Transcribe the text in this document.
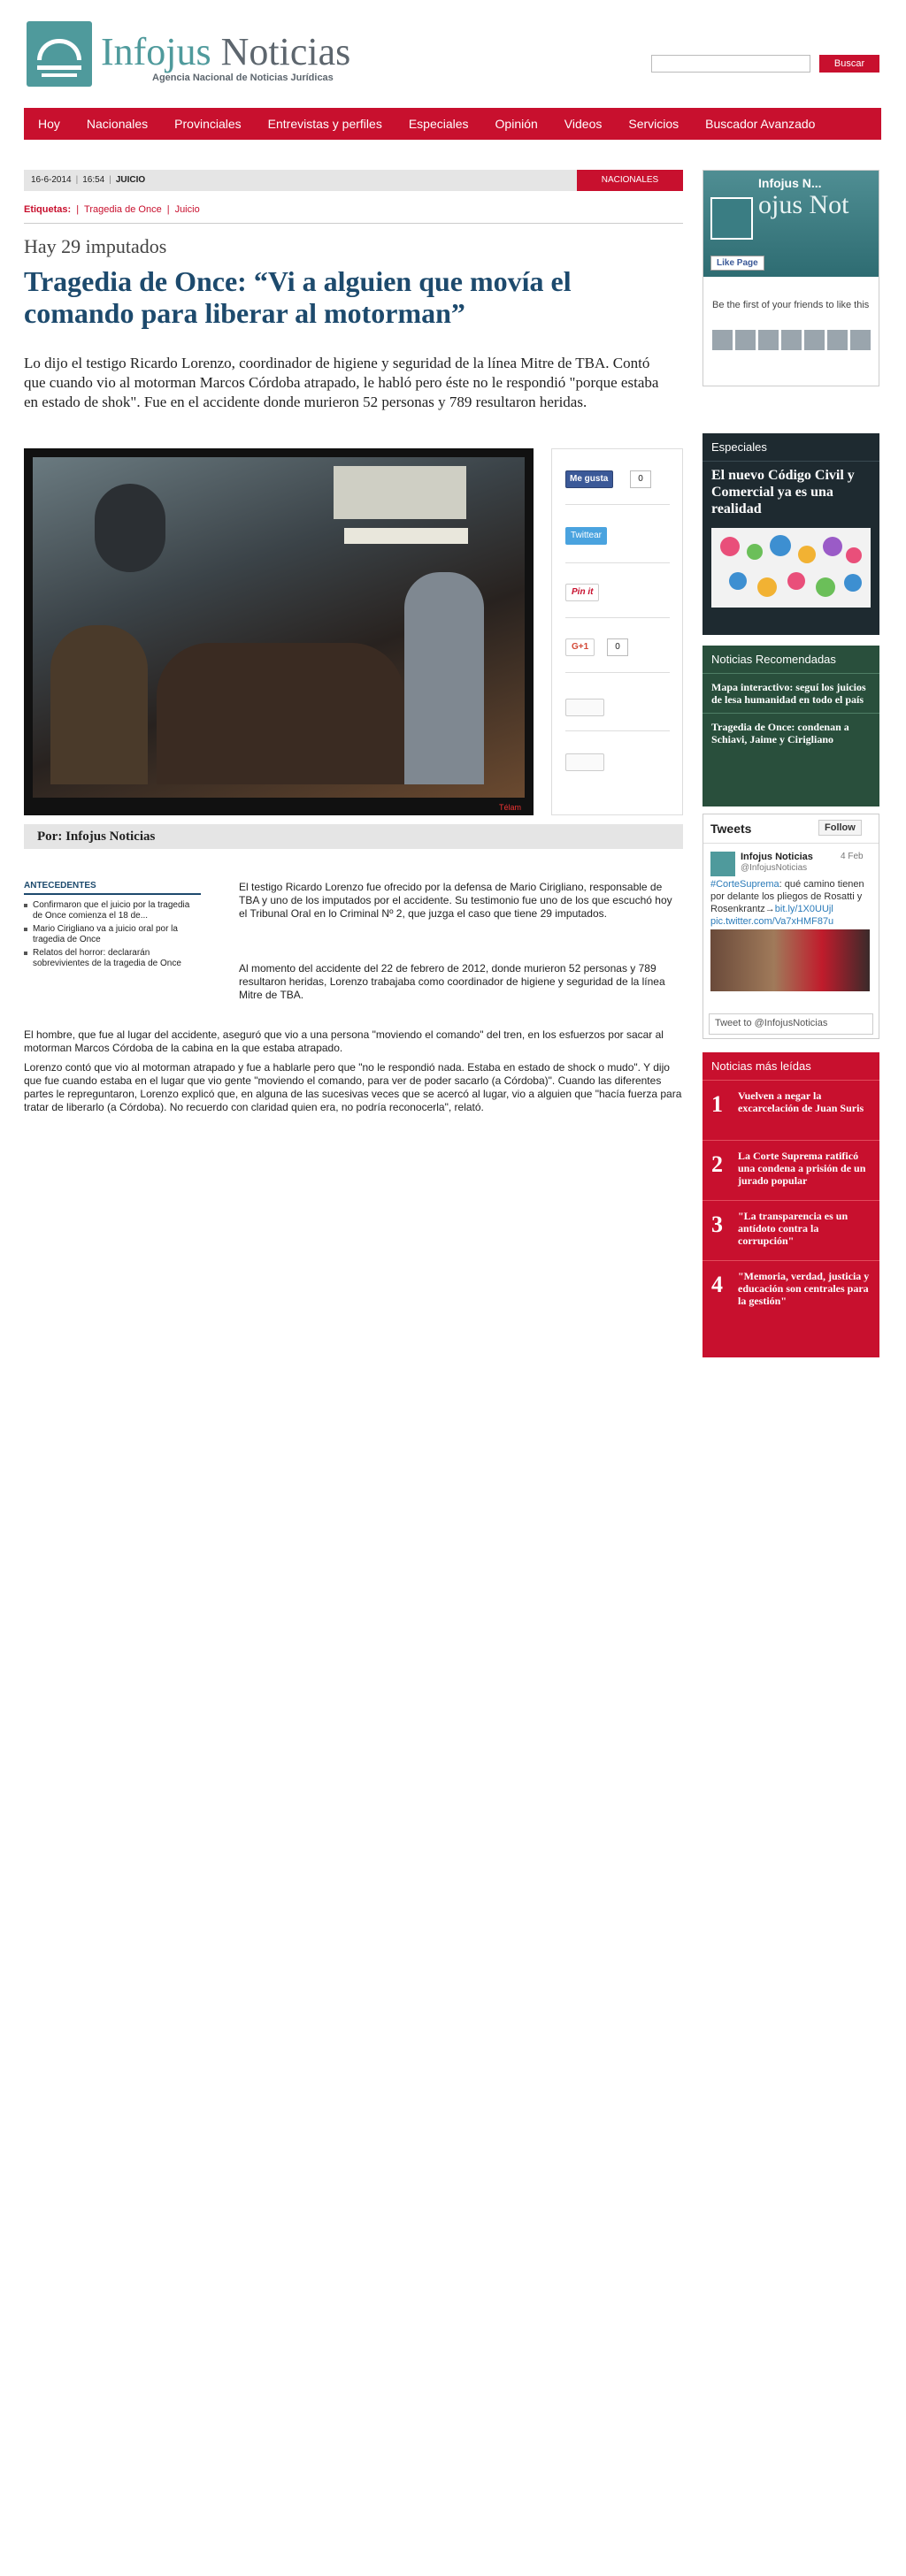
Infojus Noticias
Agencia Nacional de Noticias Jurídicas
Buscar
Hoy Nacionales Provinciales Entrevistas y perfiles Especiales Opinión Videos Servicios Buscador Avanzado
16-6-2014 | 16:54 | JUICIO	NACIONALES
Etiquetas: | Tragedia de Once | Juicio
Hay 29 imputados
Tragedia de Once: “Vi a alguien que movía el comando para liberar al motorman”

Lo dijo el testigo Ricardo Lorenzo, coordinador de higiene y seguridad de la línea Mitre de TBA. Contó que cuando vio al motorman Marcos Córdoba atrapado, le habló pero éste no le respondió "porque estaba en estado de shok". Fue en el accidente donde murieron 52 personas y 789 resultaron heridas.

Télam
Me gusta	0
Twittear
Pin it
G+1	0
Por: Infojus Noticias
ANTECEDENTES
Confirmaron que el juicio por la tragedia de Once comienza el 18 de...
Mario Cirigliano va a juicio oral por la tragedia de Once
Relatos del horror: declararán sobrevivientes de la tragedia de Once

El testigo Ricardo Lorenzo fue ofrecido por la defensa de Mario Cirigliano, responsable de TBA y uno de los imputados por el accidente. Su testimonio fue uno de los que escuchó hoy el Tribunal Oral en lo Criminal Nº 2, que juzga el caso que tiene 29 imputados.

Al momento del accidente del 22 de febrero de 2012, donde murieron 52 personas y 789 resultaron heridas, Lorenzo trabajaba como coordinador de higiene y seguridad de la línea Mitre de TBA.

El hombre, que fue al lugar del accidente, aseguró que vio a una persona "moviendo el comando" del tren, en los esfuerzos por sacar al motorman Marcos Córdoba de la cabina en la que estaba atrapado.

Lorenzo contó que vio al motorman atrapado y fue a hablarle pero que "no le respondió nada. Estaba en estado de shock o mudo". Y dijo que fue cuando estaba en el lugar que vio gente "moviendo el comando, para ver de poder sacarlo (a Córdoba)". Cuando las diferentes partes le repreguntaron, Lorenzo explicó que, en alguna de las sucesivas veces que se acercó al lugar, vio a alguien que "hacía fuerza para tratar de liberarlo (a Córdoba). No recuerdo con claridad quien era, no podría reconocerla", relató.

Infojus N...
ojus Not
Like Page
Be the first of your friends to like this
Especiales
El nuevo Código Civil y Comercial ya es una realidad
Noticias Recomendadas
Mapa interactivo: seguí los juicios de lesa humanidad en todo el país
Tragedia de Once: condenan a Schiavi, Jaime y Cirigliano
Tweets	Follow
Infojus Noticias
@InfojusNoticias
4 Feb
#CorteSuprema: qué camino tienen por delante los pliegos de Rosatti y Rosenkrantz→bit.ly/1X0UUjl pic.twitter.com/Va7xHMF87u
Tweet to @InfojusNoticias
Noticias más leídas
1 Vuelven a negar la excarcelación de Juan Suris
2 La Corte Suprema ratificó una condena a prisión de un jurado popular
3 "La transparencia es un antídoto contra la corrupción"
4 "Memoria, verdad, justicia y educación son centrales para la gestión"
